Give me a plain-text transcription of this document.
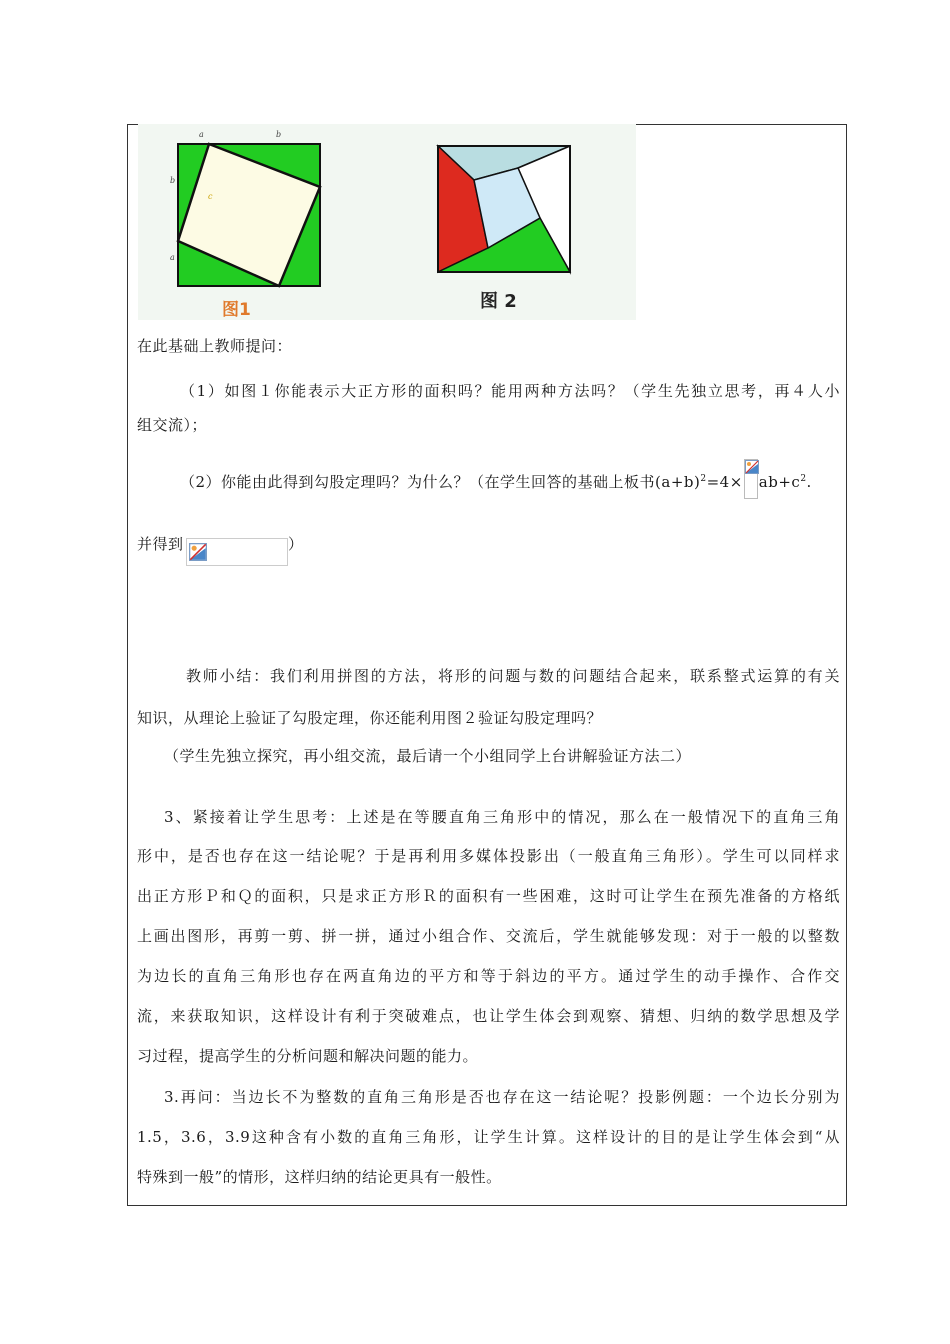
a	b
b
a
c
图1	图 2
在此基础上教师提问：
（1）如图１你能表示大正方形的面积吗？能用两种方法吗？（学生先独立思考，再４人小
组交流）；
（2）你能由此得到勾股定理吗？为什么？（在学生回答的基础上板书$(a+b)^2=4\times ab+c^2$.
并得到	）
教师小结：我们利用拼图的方法，将形的问题与数的问题结合起来，联系整式运算的有关
知识，从理论上验证了勾股定理，你还能利用图２验证勾股定理吗？
（学生先独立探究，再小组交流，最后请一个小组同学上台讲解验证方法二）
3、紧接着让学生思考：上述是在等腰直角三角形中的情况，那么在一般情况下的直角三角
形中，是否也存在这一结论呢？于是再利用多媒体投影出（一般直角三角形）。学生可以同样求
出正方形Ｐ和Ｑ的面积，只是求正方形Ｒ的面积有一些困难，这时可让学生在预先准备的方格纸
上画出图形，再剪一剪、拼一拼，通过小组合作、交流后，学生就能够发现：对于一般的以整数
为边长的直角三角形也存在两直角边的平方和等于斜边的平方。通过学生的动手操作、合作交
流，来获取知识，这样设计有利于突破难点，也让学生体会到观察、猜想、归纳的数学思想及学
习过程，提高学生的分析问题和解决问题的能力。
3.再问：当边长不为整数的直角三角形是否也存在这一结论呢？投影例题：一个边长分别为
1.5，3.6，3.9这种含有小数的直角三角形，让学生计算。这样设计的目的是让学生体会到“从
特殊到一般”的情形，这样归纳的结论更具有一般性。
